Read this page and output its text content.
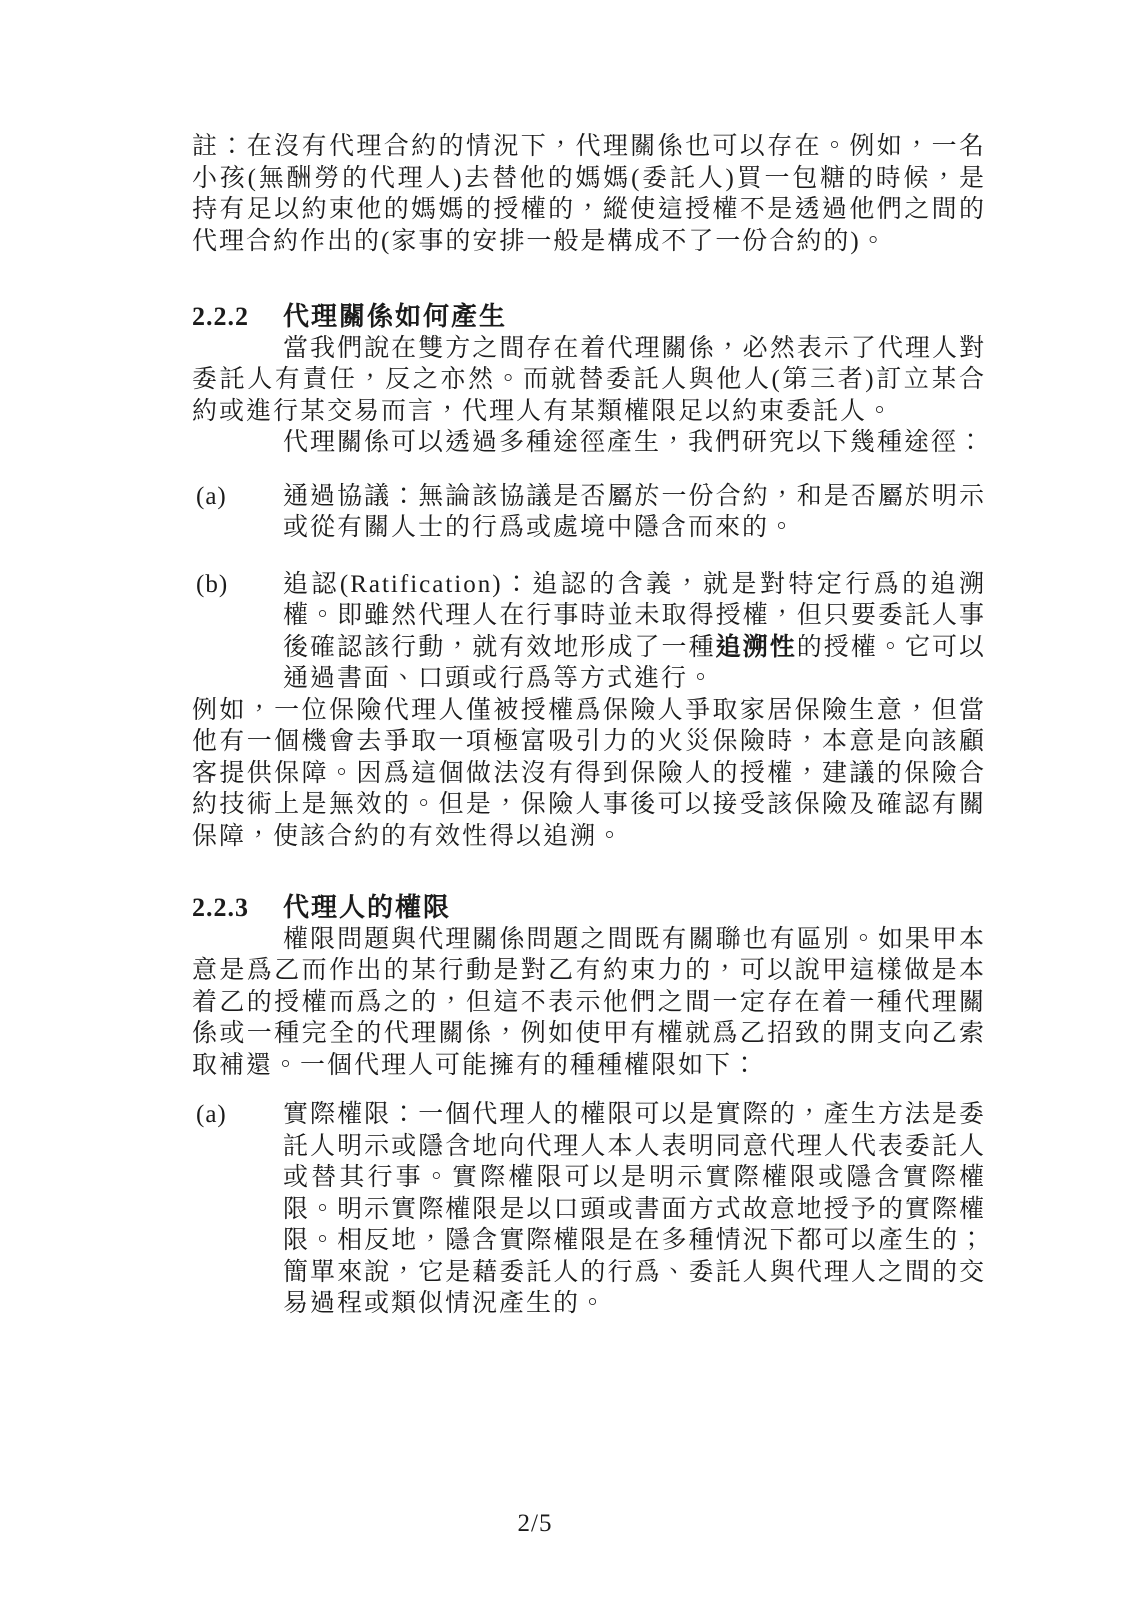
註：在沒有代理合約的情況下，代理關係也可以存在。例如，一名小孩(無酬勞的代理人)去替他的媽媽(委託人)買一包糖的時候，是持有足以約束他的媽媽的授權的，縱使這授權不是透過他們之間的代理合約作出的(家事的安排一般是構成不了一份合約的)。

2.2.2 代理關係如何產生

當我們說在雙方之間存在着代理關係，必然表示了代理人對委託人有責任，反之亦然。而就替委託人與他人(第三者)訂立某合約或進行某交易而言，代理人有某類權限足以約束委託人。

代理關係可以透過多種途徑產生，我們研究以下幾種途徑：

(a) 通過協議：無論該協議是否屬於一份合約，和是否屬於明示或從有關人士的行爲或處境中隱含而來的。

(b) 追認(Ratification)：追認的含義，就是對特定行爲的追溯權。即雖然代理人在行事時並未取得授權，但只要委託人事後確認該行動，就有效地形成了一種追溯性的授權。它可以通過書面、口頭或行爲等方式進行。

例如，一位保險代理人僅被授權爲保險人爭取家居保險生意，但當他有一個機會去爭取一項極富吸引力的火災保險時，本意是向該顧客提供保障。因爲這個做法沒有得到保險人的授權，建議的保險合約技術上是無效的。但是，保險人事後可以接受該保險及確認有關保障，使該合約的有效性得以追溯。

2.2.3 代理人的權限

權限問題與代理關係問題之間既有關聯也有區別。如果甲本意是爲乙而作出的某行動是對乙有約束力的，可以說甲這樣做是本着乙的授權而爲之的，但這不表示他們之間一定存在着一種代理關係或一種完全的代理關係，例如使甲有權就爲乙招致的開支向乙索取補還。一個代理人可能擁有的種種權限如下：

(a) 實際權限：一個代理人的權限可以是實際的，產生方法是委託人明示或隱含地向代理人本人表明同意代理人代表委託人或替其行事。實際權限可以是明示實際權限或隱含實際權限。明示實際權限是以口頭或書面方式故意地授予的實際權限。相反地，隱含實際權限是在多種情況下都可以產生的；簡單來說，它是藉委託人的行爲、委託人與代理人之間的交易過程或類似情況產生的。

2/5
